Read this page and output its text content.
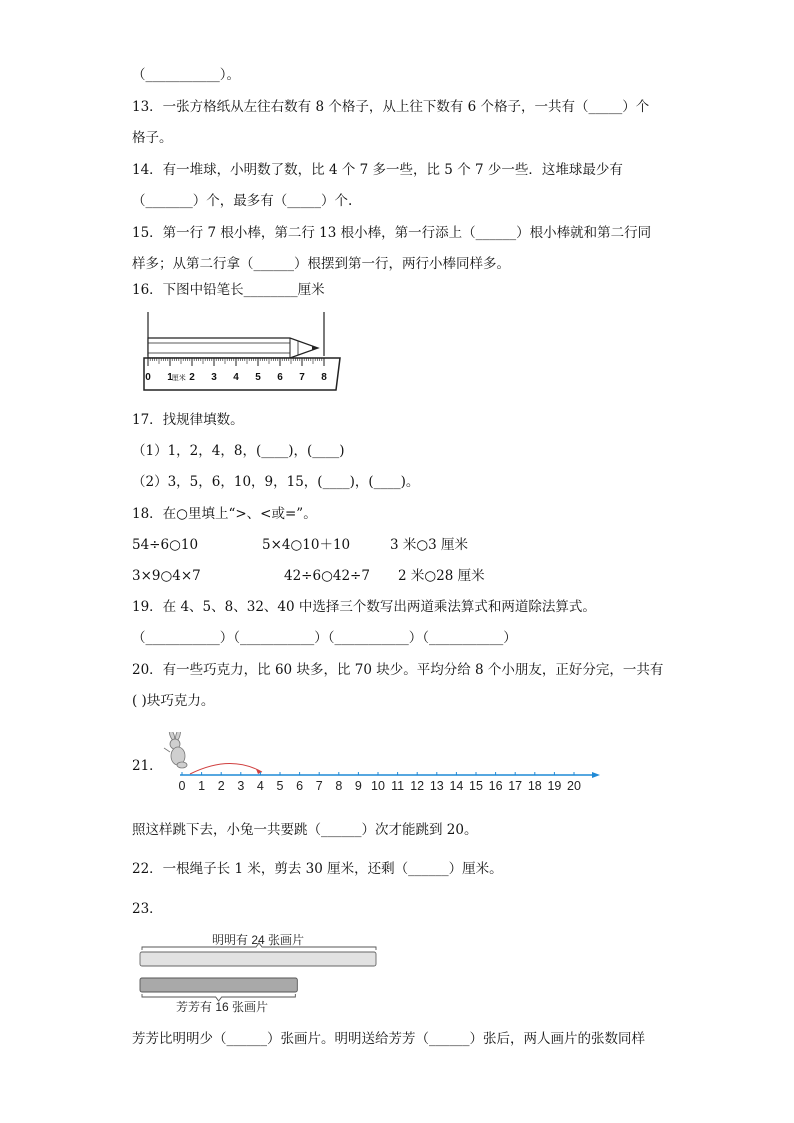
（___________）。
13．一张方格纸从左往右数有 8 个格子，从上往下数有 6 个格子，一共有（_____）个
格子。
14．有一堆球，小明数了数，比 4 个 7 多一些，比 5 个 7 少一些．这堆球最少有
（_______）个，最多有（_____）个.
15．第一行 7 根小棒，第二行 13 根小棒，第一行添上（______）根小棒就和第二行同
样多；从第二行拿（______）根摆到第一行，两行小棒同样多。
16．下图中铅笔长________厘米
0 1 2 3 4 5 6 7 8
厘米
17．找规律填数。
（1）1，2，4，8，(____)，(____)
（2）3，5，6，10，9，15，(____)，(____)。
18．在○里填上“>、<或=”。
54÷6○10	5×4○10＋10	3 米○3 厘米
3×9○4×7	42÷6○42÷7 2 米○28 厘米
19．在 4、5、8、32、40 中选择三个数写出两道乘法算式和两道除法算式。
（___________）（___________）（___________）（___________）
20．有一些巧克力，比 60 块多，比 70 块少。平均分给 8 个小朋友，正好分完，一共有
( )块巧克力。
21．
0 1 2 3 4 5 6 7 8 9 10 11 12 13 14 15 16 17 18 19 20
照这样跳下去，小兔一共要跳（______）次才能跳到 20。
22．一根绳子长 1 米，剪去 30 厘米，还剩（______）厘米。
23．
明明有 24 张画片
芳芳有 16 张画片
芳芳比明明少（______）张画片。明明送给芳芳（______）张后，两人画片的张数同样
